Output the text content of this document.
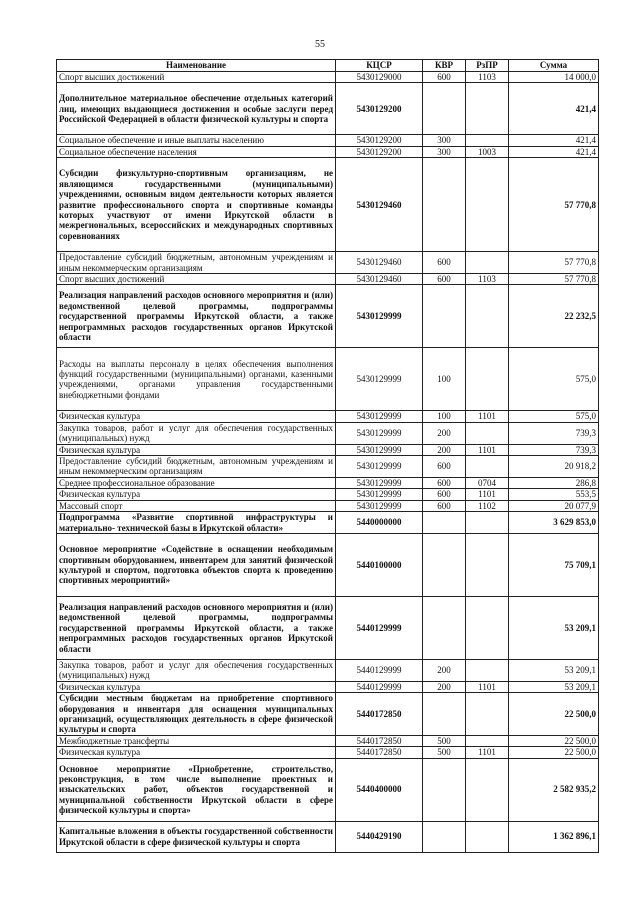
55
Наименование	КЦСР	КВР	РзПР	Сумма
Спорт высших достижений	5430129000	600	1103	14 000,0
Дополнительное материальное обеспечение отдельных категорий лиц, имеющих выдающиеся достижения и особые заслуги перед Российской Федерацией в области физической культуры и спорта	5430129200			421,4
Социальное обеспечение и иные выплаты населению	5430129200	300		421,4
Социальное обеспечение населения	5430129200	300	1003	421,4
Субсидии физкультурно-спортивным организациям, не являющимся государственными (муниципальными) учреждениями, основным видом деятельности которых является развитие профессионального спорта и спортивные команды которых участвуют от имени Иркутской области в межрегиональных, всероссийских и международных спортивных соревнованиях	5430129460			57 770,8
Предоставление субсидий бюджетным, автономным учреждениям и иным некоммерческим организациям	5430129460	600		57 770,8
Спорт высших достижений	5430129460	600	1103	57 770,8
Реализация направлений расходов основного мероприятия и (или) ведомственной целевой программы, подпрограммы государственной программы Иркутской области, а также непрограммных расходов государственных органов Иркутской области	5430129999			22 232,5
Расходы на выплаты персоналу в целях обеспечения выполнения функций государственными (муниципальными) органами, казенными учреждениями, органами управления государственными внебюджетными фондами	5430129999	100		575,0
Физическая культура	5430129999	100	1101	575,0
Закупка товаров, работ и услуг для обеспечения государственных (муниципальных) нужд	5430129999	200		739,3
Физическая культура	5430129999	200	1101	739,3
Предоставление субсидий бюджетным, автономным учреждениям и иным некоммерческим организациям	5430129999	600		20 918,2
Среднее профессиональное образование	5430129999	600	0704	286,8
Физическая культура	5430129999	600	1101	553,5
Массовый спорт	5430129999	600	1102	20 077,9
Подпрограмма «Развитие спортивной инфраструктуры и материально- технической базы в Иркутской области»	5440000000			3 629 853,0
Основное мероприятие «Содействие в оснащении необходимым спортивным оборудованием, инвентарем для занятий физической культурой и спортом, подготовка объектов спорта к проведению спортивных мероприятий»	5440100000			75 709,1
Реализация направлений расходов основного мероприятия и (или) ведомственной целевой программы, подпрограммы государственной программы Иркутской области, а также непрограммных расходов государственных органов Иркутской области	5440129999			53 209,1
Закупка товаров, работ и услуг для обеспечения государственных (муниципальных) нужд	5440129999	200		53 209,1
Физическая культура	5440129999	200	1101	53 209,1
Субсидии местным бюджетам на приобретение спортивного оборудования и инвентаря для оснащения муниципальных организаций, осуществляющих деятельность в сфере физической культуры и спорта	5440172850			22 500,0
Межбюджетные трансферты	5440172850	500		22 500,0
Физическая культура	5440172850	500	1101	22 500,0
Основное мероприятие «Приобретение, строительство, реконструкция, в том числе выполнение проектных и изыскательских работ, объектов государственной и муниципальной собственности Иркутской области в сфере физической культуры и спорта»	5440400000			2 582 935,2
Капитальные вложения в объекты государственной собственности Иркутской области в сфере физической культуры и спорта	5440429190			1 362 896,1
